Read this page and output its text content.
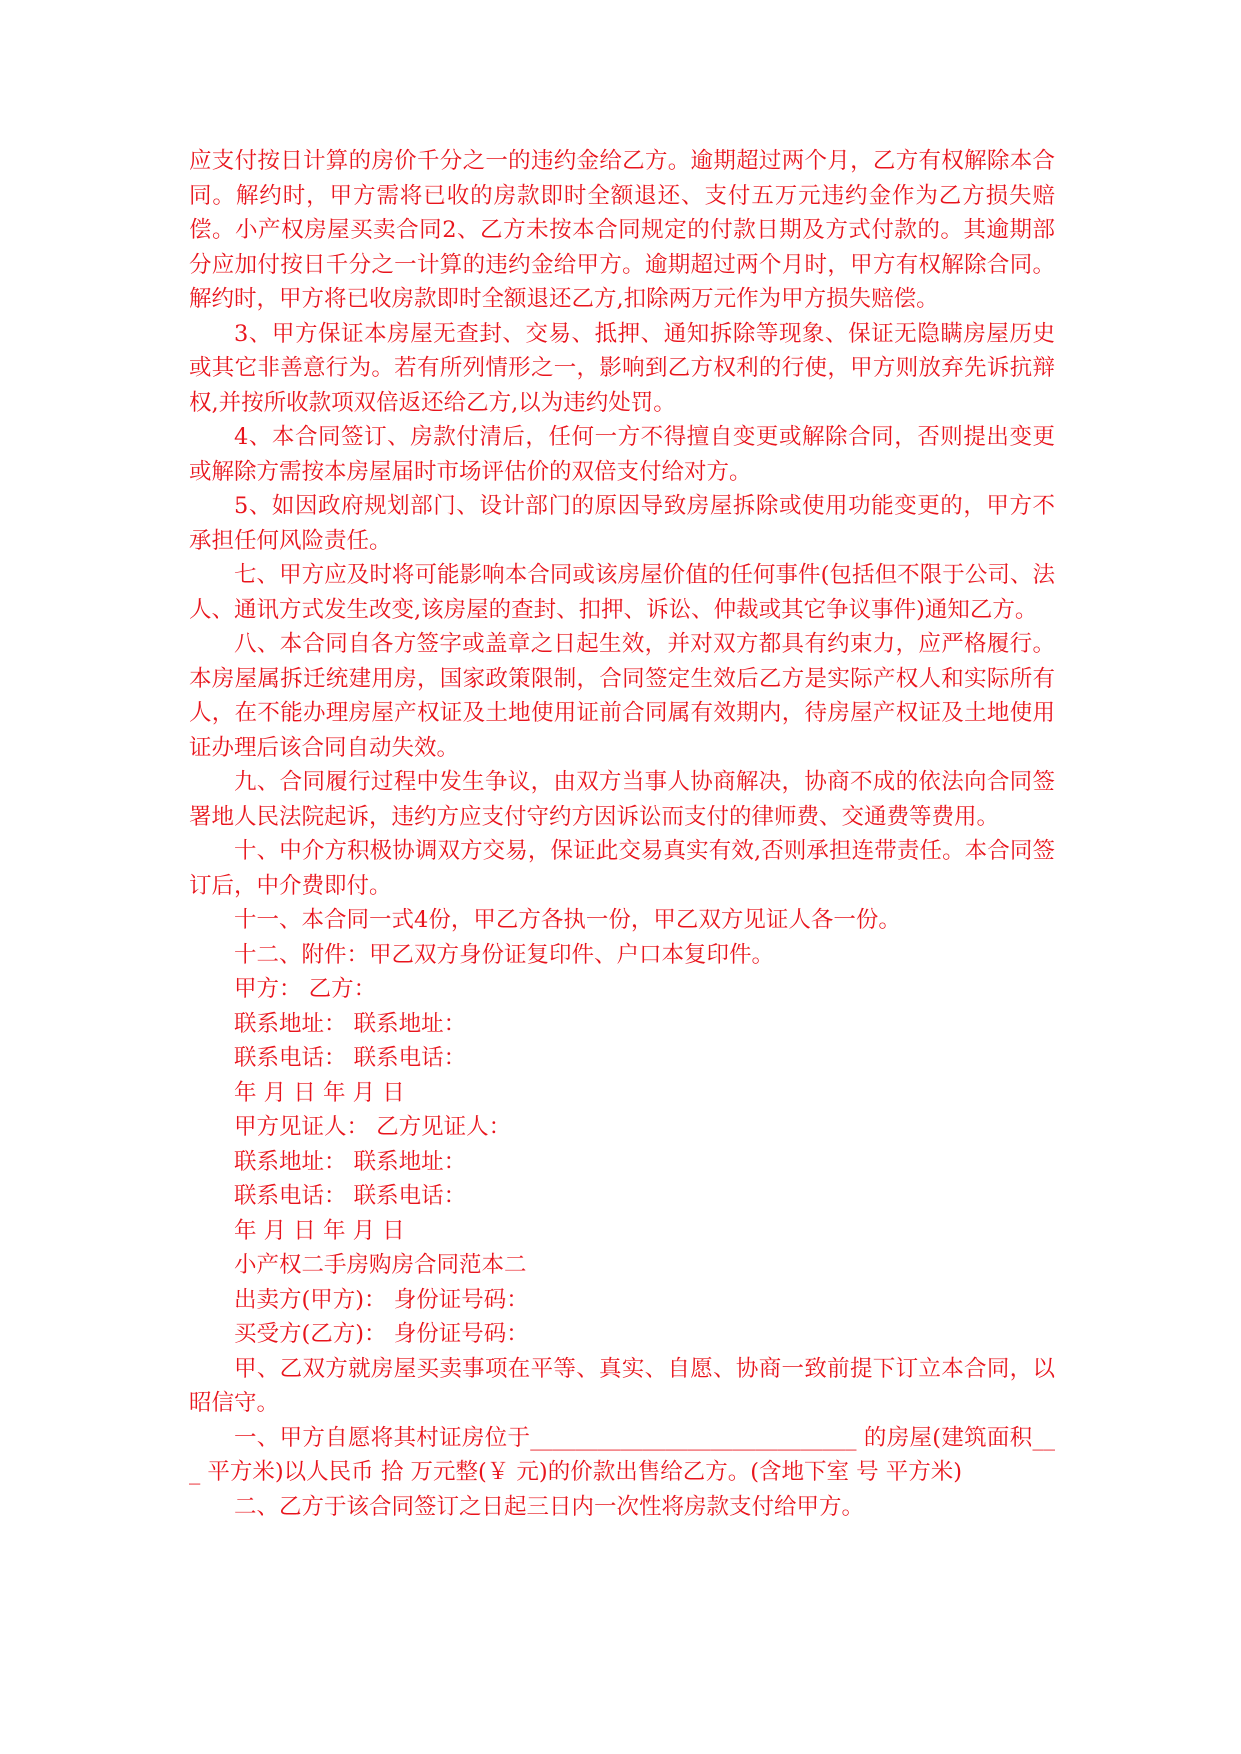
应支付按日计算的房价千分之一的违约金给乙方。逾期超过两个月，乙方有权解除本合同。解约时，甲方需将已收的房款即时全额退还、支付五万元违约金作为乙方损失赔偿。小产权房屋买卖合同2、乙方未按本合同规定的付款日期及方式付款的。其逾期部分应加付按日千分之一计算的违约金给甲方。逾期超过两个月时，甲方有权解除合同。解约时，甲方将已收房款即时全额退还乙方,扣除两万元作为甲方损失赔偿。

3、甲方保证本房屋无查封、交易、抵押、通知拆除等现象、保证无隐瞒房屋历史或其它非善意行为。若有所列情形之一，影响到乙方权利的行使，甲方则放弃先诉抗辩权,并按所收款项双倍返还给乙方,以为违约处罚。

4、本合同签订、房款付清后，任何一方不得擅自变更或解除合同，否则提出变更或解除方需按本房屋届时市场评估价的双倍支付给对方。

5、如因政府规划部门、设计部门的原因导致房屋拆除或使用功能变更的，甲方不承担任何风险责任。

七、甲方应及时将可能影响本合同或该房屋价值的任何事件(包括但不限于公司、法人、通讯方式发生改变,该房屋的查封、扣押、诉讼、仲裁或其它争议事件)通知乙方。

八、本合同自各方签字或盖章之日起生效，并对双方都具有约束力，应严格履行。本房屋属拆迁统建用房，国家政策限制，合同签定生效后乙方是实际产权人和实际所有人，在不能办理房屋产权证及土地使用证前合同属有效期内，待房屋产权证及土地使用证办理后该合同自动失效。

九、合同履行过程中发生争议，由双方当事人协商解决，协商不成的依法向合同签署地人民法院起诉，违约方应支付守约方因诉讼而支付的律师费、交通费等费用。

十、中介方积极协调双方交易，保证此交易真实有效,否则承担连带责任。本合同签订后，中介费即付。

十一、本合同一式4份，甲乙方各执一份，甲乙双方见证人各一份。

十二、附件：甲乙双方身份证复印件、户口本复印件。

甲方： 乙方：

联系地址： 联系地址：

联系电话： 联系电话：

年 月 日 年 月 日

甲方见证人： 乙方见证人：

联系地址： 联系地址：

联系电话： 联系电话：

年 月 日 年 月 日

小产权二手房购房合同范本二

出卖方(甲方)： 身份证号码：

买受方(乙方)： 身份证号码：

甲、乙双方就房屋买卖事项在平等、真实、自愿、协商一致前提下订立本合同，以昭信守。

一、甲方自愿将其村证房位于_____________________________ 的房屋(建筑面积___ 平方米)以人民币 拾 万元整(￥ 元)的价款出售给乙方。(含地下室 号 平方米)

二、乙方于该合同签订之日起三日内一次性将房款支付给甲方。
